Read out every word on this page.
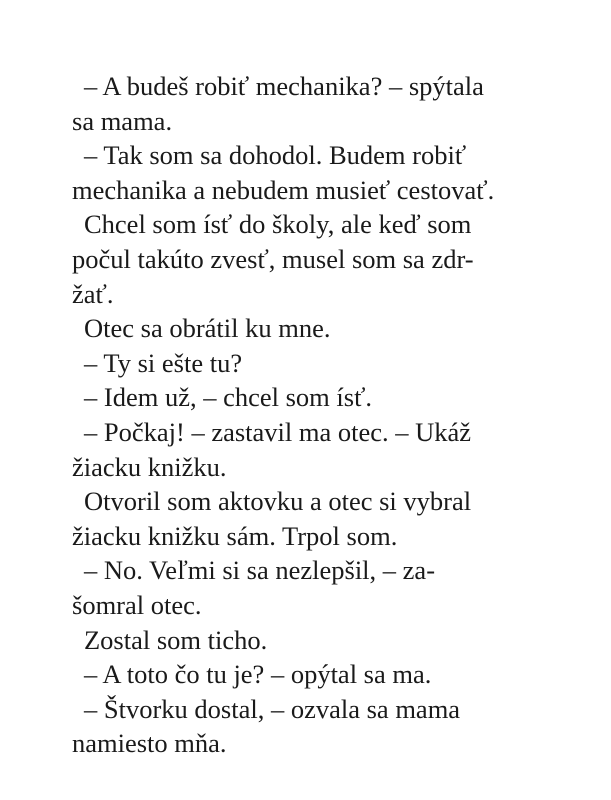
– A budeš robiť mechanika? – spýtala
sa mama.
– Tak som sa dohodol. Budem robiť
mechanika a nebudem musieť cestovať.
Chcel som ísť do školy, ale keď som
počul takúto zvesť, musel som sa zdr-
žať.
Otec sa obrátil ku mne.
– Ty si ešte tu?
– Idem už, – chcel som ísť.
– Počkaj! – zastavil ma otec. – Ukáž
žiacku knižku.
Otvoril som aktovku a otec si vybral
žiacku knižku sám. Trpol som.
– No. Veľmi si sa nezlepšil, – za-
šomral otec.
Zostal som ticho.
– A toto čo tu je? – opýtal sa ma.
– Štvorku dostal, – ozvala sa mama
namiesto mňa.
